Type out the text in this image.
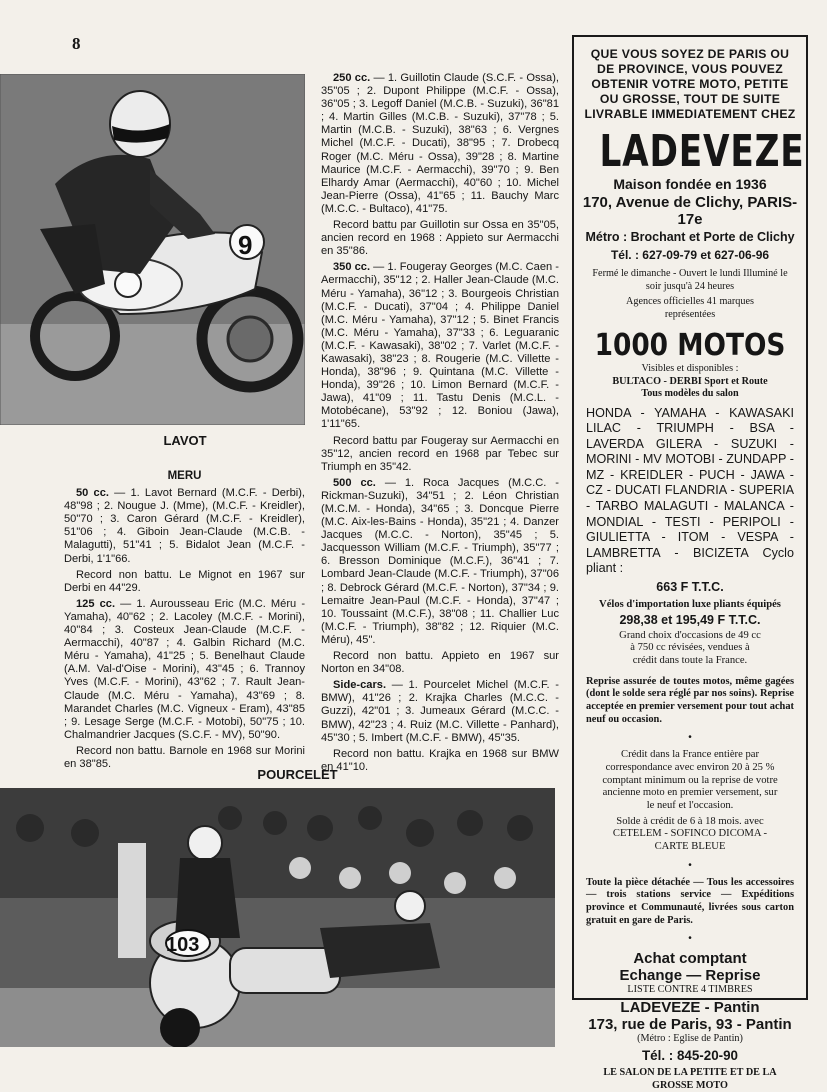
8
9
LAVOT
MERU

50 cc. — 1. Lavot Bernard (M.C.F. - Derbi), 48"98 ; 2. Nougue J. (Mme), (M.C.F. - Kreidler), 50"70 ; 3. Caron Gérard (M.C.F. - Kreidler), 51"06 ; 4. Giboin Jean-Claude (M.C.B. - Malagutti), 51"41 ; 5. Bidalot Jean (M.C.F. - Derbi, 1'1"66.

Record non battu. Le Mignot en 1967 sur Derbi en 44"29.

125 cc. — 1. Aurousseau Eric (M.C. Méru - Yamaha), 40"62 ; 2. Lacoley (M.C.F. - Morini), 40"84 ; 3. Costeux Jean-Claude (M.C.F. - Aermacchi), 40"87 ; 4. Galbin Richard (M.C. Méru - Yamaha), 41"25 ; 5. Benelhaut Claude (A.M. Val-d'Oise - Morini), 43"45 ; 6. Trannoy Yves (M.C.F. - Morini), 43"62 ; 7. Rault Jean-Claude (M.C. Méru - Yamaha), 43"69 ; 8. Marandet Charles (M.C. Vigneux - Eram), 43"85 ; 9. Lesage Serge (M.C.F. - Motobi), 50"75 ; 10. Chalmandrier Jacques (S.C.F. - MV), 50"90.

Record non battu. Barnole en 1968 sur Morini en 38"85.

250 cc. — 1. Guillotin Claude (S.C.F. - Ossa), 35"05 ; 2. Dupont Philippe (M.C.F. - Ossa), 36"05 ; 3. Legoff Daniel (M.C.B. - Suzuki), 36"81 ; 4. Martin Gilles (M.C.B. - Suzuki), 37"78 ; 5. Martin (M.C.B. - Suzuki), 38"63 ; 6. Vergnes Michel (M.C.F. - Ducati), 38"95 ; 7. Drobecq Roger (M.C. Méru - Ossa), 39"28 ; 8. Martine Maurice (M.C.F. - Aermacchi), 39"70 ; 9. Ben Elhardy Amar (Aermacchi), 40"60 ; 10. Michel Jean-Pierre (Ossa), 41"65 ; 11. Bauchy Marc (M.C.C. - Bultaco), 41"75.

Record battu par Guillotin sur Ossa en 35"05, ancien record en 1968 : Appieto sur Aermacchi en 35"86.

350 cc. — 1. Fougeray Georges (M.C. Caen - Aermacchi), 35"12 ; 2. Haller Jean-Claude (M.C. Méru - Yamaha), 36"12 ; 3. Bourgeois Christian (M.C.F. - Ducati), 37"04 ; 4. Philippe Daniel (M.C. Méru - Yamaha), 37"12 ; 5. Binet Francis (M.C. Méru - Yamaha), 37"33 ; 6. Leguaranic (M.C.F. - Kawasaki), 38"02 ; 7. Varlet (M.C.F. - Kawasaki), 38"23 ; 8. Rougerie (M.C. Villette - Honda), 38"96 ; 9. Quintana (M.C. Villette - Honda), 39"26 ; 10. Limon Bernard (M.C.F. - Jawa), 41"09 ; 11. Tastu Denis (M.C.L. - Motobécane), 53"92 ; 12. Boniou (Jawa), 1'11"65.

Record battu par Fougeray sur Aermacchi en 35"12, ancien record en 1968 par Tebec sur Triumph en 35"42.

500 cc. — 1. Roca Jacques (M.C.C. - Rickman-Suzuki), 34"51 ; 2. Léon Christian (M.C.M. - Honda), 34"65 ; 3. Doncque Pierre (M.C. Aix-les-Bains - Honda), 35"21 ; 4. Danzer Jacques (M.C.C. - Norton), 35"45 ; 5. Jacquesson William (M.C.F. - Triumph), 35"77 ; 6. Bresson Dominique (M.C.F.), 36"41 ; 7. Lombard Jean-Claude (M.C.F. - Triumph), 37"06 ; 8. Debrock Gérard (M.C.F. - Norton), 37"34 ; 9. Lemaitre Jean-Paul (M.C.F. - Honda), 37"47 ; 10. Toussaint (M.C.F.), 38"08 ; 11. Challier Luc (M.C.F. - Triumph), 38"82 ; 12. Riquier (M.C. Méru), 45".

Record non battu. Appieto en 1967 sur Norton en 34"08.

Side-cars. — 1. Pourcelet Michel (M.C.F. - BMW), 41"26 ; 2. Krajka Charles (M.C.C. - Guzzi), 42"01 ; 3. Jumeaux Gérard (M.C.C. - BMW), 42"23 ; 4. Ruiz (M.C. Villette - Panhard), 45"30 ; 5. Imbert (M.C.F. - BMW), 45"35.

Record non battu. Krajka en 1968 sur BMW en 41"10.

POURCELET
103
QUE VOUS SOYEZ DE PARIS OU DE PROVINCE, VOUS POUVEZ OBTENIR VOTRE MOTO, PETITE OU GROSSE, TOUT DE SUITE LIVRABLE IMMEDIATEMENT CHEZ
LADEVEZE
Maison fondée en 1936
170, Avenue de Clichy, PARIS-17e
Métro : Brochant et Porte de Clichy
Tél. : 627-09-79 et 627-06-96
Fermé le dimanche - Ouvert le lundi Illuminé le soir jusqu'à 24 heures
Agences officielles 41 marques représentées
1000 MOTOS
Visibles et disponibles :
BULTACO - DERBI Sport et Route
Tous modèles du salon
HONDA - YAMAHA - KAWASAKI LILAC - TRIUMPH - BSA - LAVERDA GILERA - SUZUKI - MORINI - MV MOTOBI - ZUNDAPP - MZ - KREIDLER - PUCH - JAWA - CZ - DUCATI FLANDRIA - SUPERIA - TARBO MALAGUTI - MALANCA - MONDIAL - TESTI - PERIPOLI - GIULIETTA - ITOM - VESPA - LAMBRETTA - BICIZETA Cyclo pliant :
663 F T.T.C.
Vélos d'importation luxe pliants équipés
298,38 et 195,49 F T.T.C.
Grand choix d'occasions de 49 cc à 750 cc révisées, vendues à crédit dans toute la France.
Reprise assurée de toutes motos, même gagées (dont le solde sera réglé par nos soins). Reprise acceptée en premier versement pour tout achat neuf ou occasion.
•
Crédit dans la France entière par correspondance avec environ 20 à 25 % comptant minimum ou la reprise de votre ancienne moto en premier versement, sur le neuf et l'occasion.
Solde à crédit de 6 à 18 mois. avec CETELEM - SOFINCO DICOMA - CARTE BLEUE
•
Toute la pièce détachée — Tous les accessoires — trois stations service — Expéditions province et Communauté, livrées sous carton gratuit en gare de Paris.
•
Achat comptant
Echange — Reprise
LISTE CONTRE 4 TIMBRES
LADEVEZE - Pantin
173, rue de Paris, 93 - Pantin
(Métro : Eglise de Pantin)
Tél. : 845-20-90
LE SALON DE LA PETITE ET DE LA GROSSE MOTO
